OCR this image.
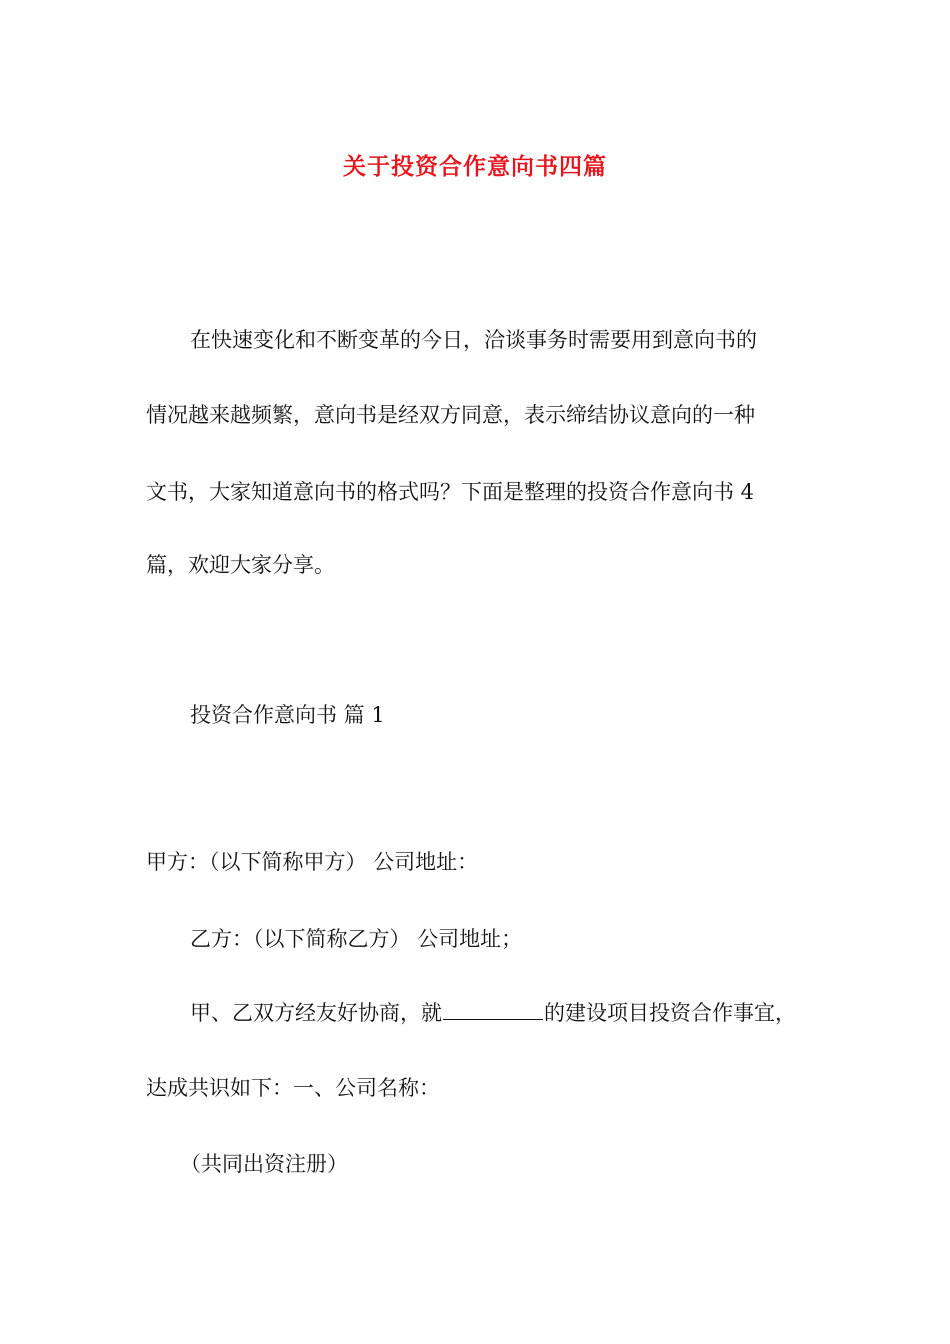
关于投资合作意向书四篇

在快速变化和不断变革的今日，洽谈事务时需要用到意向书的

情况越来越频繁，意向书是经双方同意，表示缔结协议意向的一种

文书，大家知道意向书的格式吗？下面是整理的投资合作意向书 4

篇，欢迎大家分享。

投资合作意向书 篇 1

甲方：（以下简称甲方） 公司地址：

乙方：（以下简称乙方） 公司地址；

甲、乙双方经友好协商，就	的建设项目投资合作事宜，

达成共识如下：一、公司名称：

（共同出资注册）
